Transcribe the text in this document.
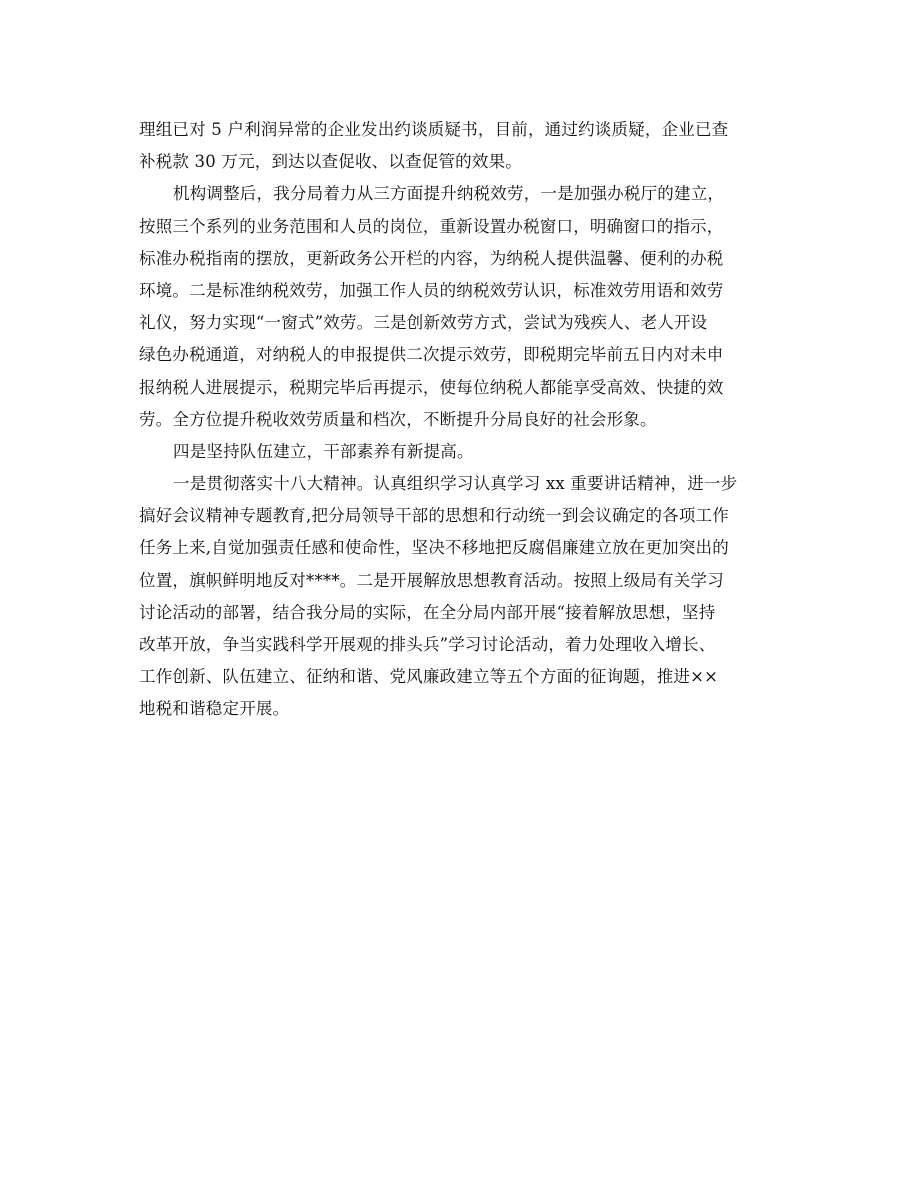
理组已对 5 户利润异常的企业发出约谈质疑书，目前，通过约谈质疑，企业已查
补税款 30 万元，到达以查促收、以查促管的效果。
机构调整后，我分局着力从三方面提升纳税效劳，一是加强办税厅的建立，
按照三个系列的业务范围和人员的岗位，重新设置办税窗口，明确窗口的指示，
标准办税指南的摆放，更新政务公开栏的内容，为纳税人提供温馨、便利的办税
环境。二是标准纳税效劳，加强工作人员的纳税效劳认识，标准效劳用语和效劳
礼仪，努力实现“一窗式”效劳。三是创新效劳方式，尝试为残疾人、老人开设
绿色办税通道，对纳税人的申报提供二次提示效劳，即税期完毕前五日内对未申
报纳税人进展提示，税期完毕后再提示，使每位纳税人都能享受高效、快捷的效
劳。全方位提升税收效劳质量和档次，不断提升分局良好的社会形象。
四是坚持队伍建立，干部素养有新提高。
一是贯彻落实十八大精神。认真组织学习认真学习 xx 重要讲话精神，进一步
搞好会议精神专题教育,把分局领导干部的思想和行动统一到会议确定的各项工作
任务上来,自觉加强责任感和使命性，坚决不移地把反腐倡廉建立放在更加突出的
位置，旗帜鲜明地反对****。二是开展解放思想教育活动。按照上级局有关学习
讨论活动的部署，结合我分局的实际，在全分局内部开展“接着解放思想，坚持
改革开放，争当实践科学开展观的排头兵”学习讨论活动，着力处理收入增长、
工作创新、队伍建立、征纳和谐、党风廉政建立等五个方面的征询题，推进××
地税和谐稳定开展。
